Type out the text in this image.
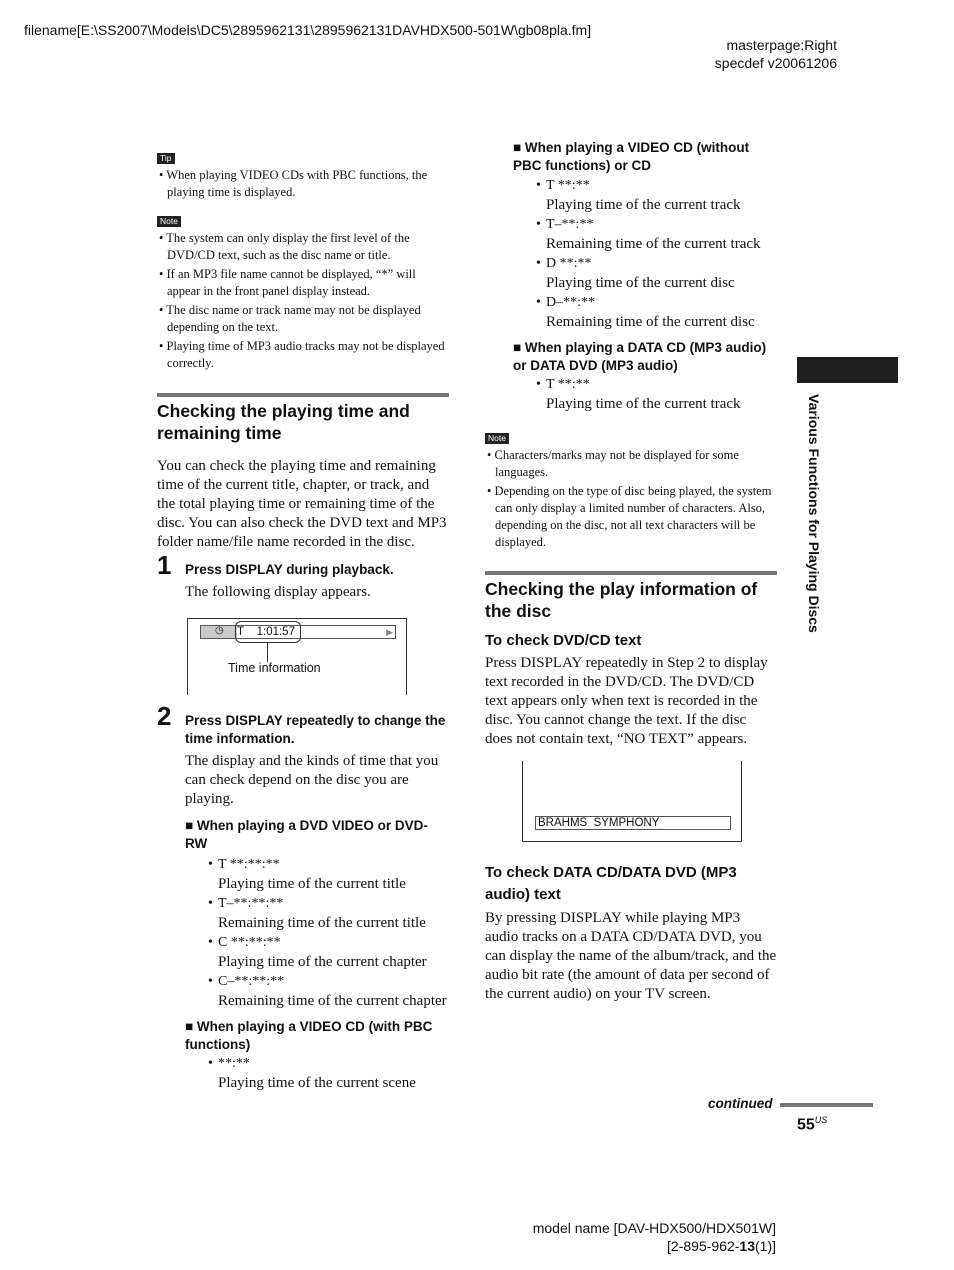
filename[E:\SS2007\Models\DC5\2895962131\2895962131DAVHDX500-501W\gb08pla.fm]
masterpage:Right
specdef v20061206
Tip
• When playing VIDEO CDs with PBC functions, the playing time is displayed.
Note
• The system can only display the first level of the DVD/CD text, such as the disc name or title.
• If an MP3 file name cannot be displayed, “*” will appear in the front panel display instead.
• The disc name or track name may not be displayed depending on the text.
• Playing time of MP3 audio tracks may not be displayed correctly.
Checking the playing time and remaining time
You can check the playing time and remaining time of the current title, chapter, or track, and the total playing time or remaining time of the disc. You can also check the DVD text and MP3 folder name/file name recorded in the disc.
1 Press DISPLAY during playback.
The following display appears.
◷ T    1:01:57	▶
Time information
2 Press DISPLAY repeatedly to change the time information.
The display and the kinds of time that you can check depend on the disc you are playing.
■ When playing a DVD VIDEO or DVD-RW
• T **:**:**
Playing time of the current title
• T–**:**:**
Remaining time of the current title
• C **:**:**
Playing time of the current chapter
• C–**:**:**
Remaining time of the current chapter
■ When playing a VIDEO CD (with PBC functions)
• **:**
Playing time of the current scene
■ When playing a VIDEO CD (without PBC functions) or CD
• T **:**
Playing time of the current track
• T–**:**
Remaining time of the current track
• D **:**
Playing time of the current disc
• D–**:**
Remaining time of the current disc
■ When playing a DATA CD (MP3 audio) or DATA DVD (MP3 audio)
• T **:**
Playing time of the current track
Note
• Characters/marks may not be displayed for some languages.
• Depending on the type of disc being played, the system can only display a limited number of characters. Also, depending on the disc, not all text characters will be displayed.
Checking the play information of the disc
To check DVD/CD text
Press DISPLAY repeatedly in Step 2 to display text recorded in the DVD/CD. The DVD/CD text appears only when text is recorded in the disc. You cannot change the text. If the disc does not contain text, “NO TEXT” appears.
BRAHMS  SYMPHONY
To check DATA CD/DATA DVD (MP3 audio) text
By pressing DISPLAY while playing MP3 audio tracks on a DATA CD/DATA DVD, you can display the name of the album/track, and the audio bit rate (the amount of data per second of the current audio) on your TV screen.
Various Functions for Playing Discs
continued
$55^{US}$
model name [DAV-HDX500/HDX501W]
[2-895-962-13(1)]
